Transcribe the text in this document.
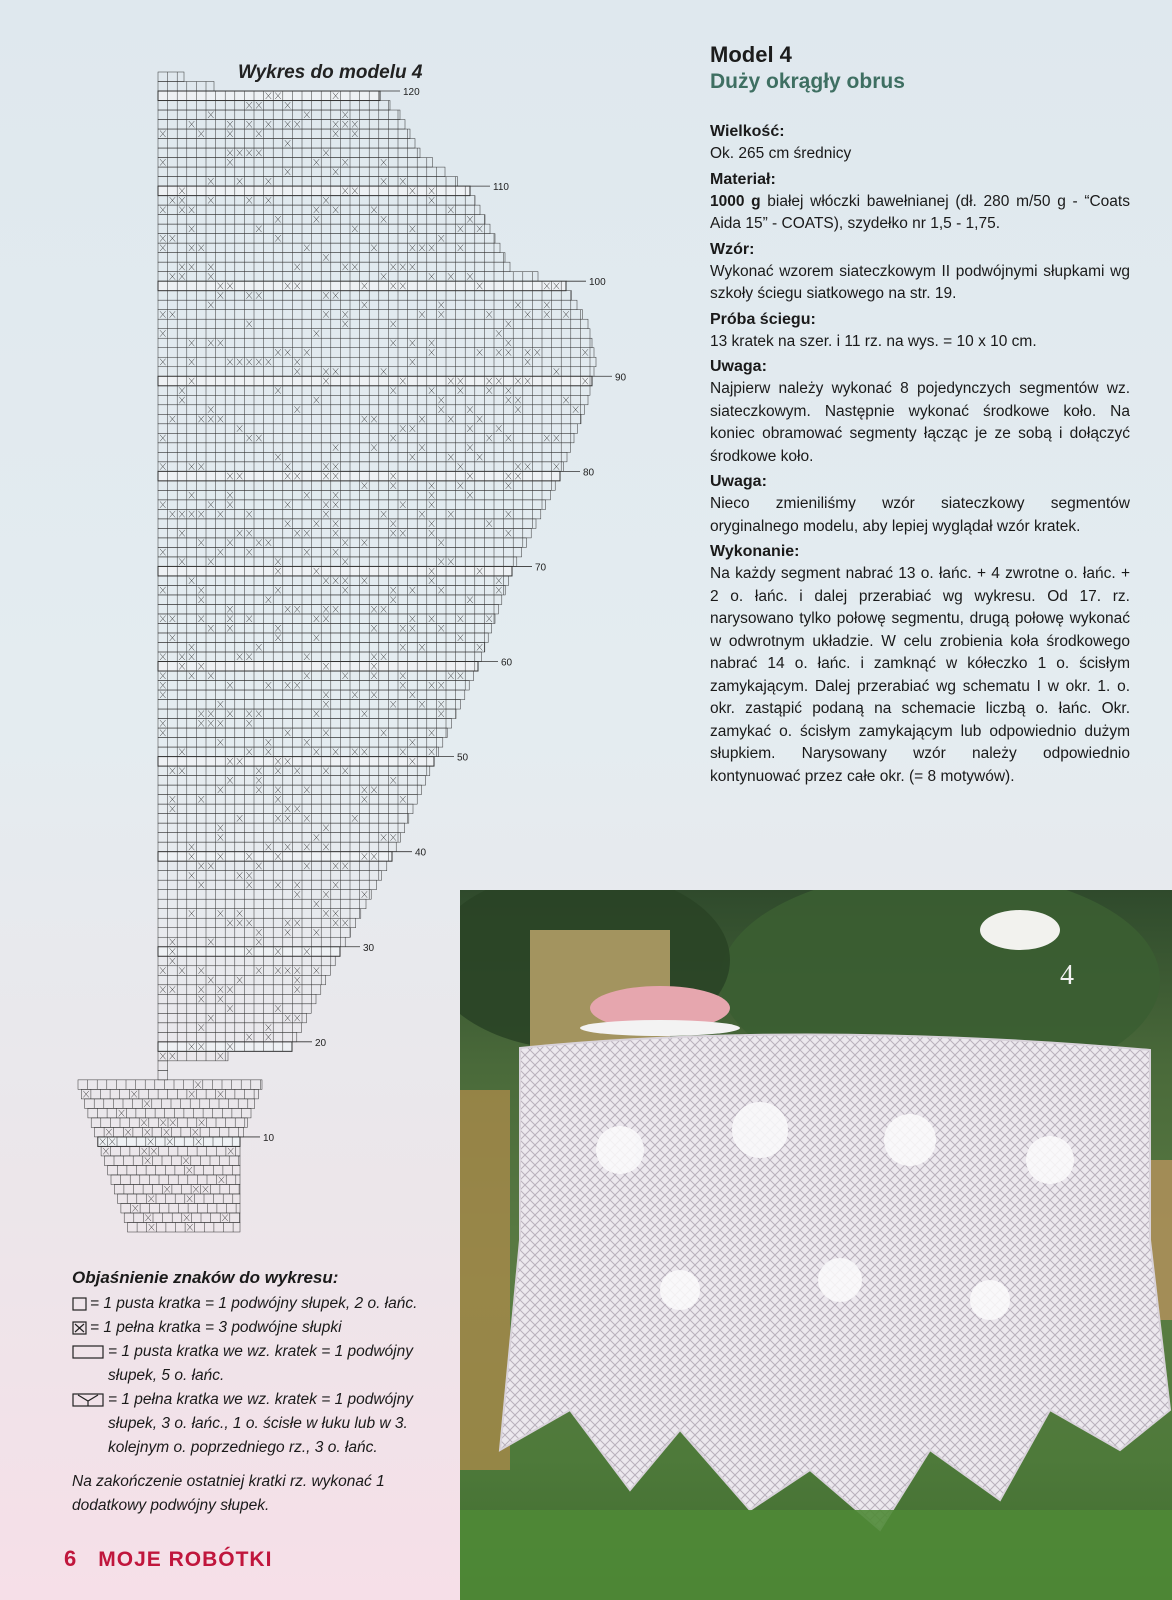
Wykres do modelu 4
10
20
30
40
50
60
70
80
90
100
110
120
Model 4
Duży okrągły obrus

Wielkość:

Ok. 265 cm średnicy

Materiał:

1000 g białej włóczki bawełnianej (dł. 280 m/50 g - “Coats Aida 15” - COATS), szydełko nr 1,5 - 1,75.

Wzór:

Wykonać wzorem siateczkowym II podwójnymi słupkami wg szkoły ściegu siatkowego na str. 19.

Próba ściegu:

13 kratek na szer. i 11 rz. na wys. = 10 x 10 cm.

Uwaga:

Najpierw należy wykonać 8 pojedynczych segmentów wz. siateczkowym. Następnie wykonać środkowe koło. Na koniec obramować segmenty łącząc je ze sobą i dołączyć środkowe koło.

Uwaga:

Nieco zmieniliśmy wzór siateczkowy segmentów oryginalnego modelu, aby lepiej wyglądał wzór kratek.

Wykonanie:

Na każdy segment nabrać 13 o. łańc. + 4 zwrotne o. łańc. + 2 o. łańc. i dalej przerabiać wg wykresu. Od 17. rz. narysowano tylko połowę segmentu, drugą połowę wykonać w odwrotnym układzie. W celu zrobienia koła środkowego nabrać 14 o. łańc. i zamknąć w kółeczko 1 o. ścisłym zamykającym. Dalej przerabiać wg schematu I w okr. 1. o. okr. zastąpić podaną na schemacie liczbą o. łańc. Okr. zamykać o. ścisłym zamykającym lub odpowiednio dużym słupkiem. Narysowany wzór należy odpowiednio kontynuować przez całe okr. (= 8 motywów).

4

Objaśnienie znaków do wykresu:

= 1 pusta kratka = 1 podwójny słupek, 2 o. łańc.
= 1 pełna kratka = 3 podwójne słupki
= 1 pusta kratka we wz. kratek = 1 podwójny słupek, 5 o. łańc.
= 1 pełna kratka we wz. kratek = 1 podwójny słupek, 3 o. łańc., 1 o. ścisłe w łuku lub w 3. kolejnym o. poprzedniego rz., 3 o. łańc.
Na zakończenie ostatniej kratki rz. wykonać 1 dodatkowy podwójny słupek.
6 MOJE ROBÓTKI
